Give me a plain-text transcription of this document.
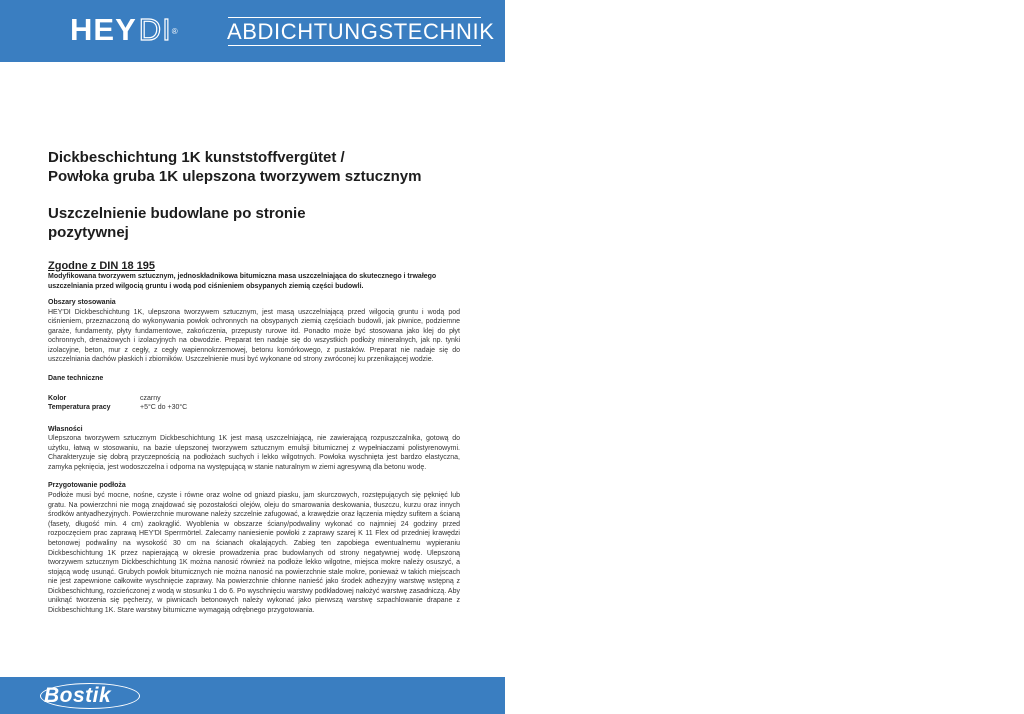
HEYDI® ABDICHTUNGSTECHNIK
Dickbeschichtung 1K kunststoffvergütet /
Powłoka gruba 1K ulepszona tworzywem sztucznym
Uszczelnienie budowlane po stronie
pozytywnej

Zgodne z DIN 18 195

Modyfikowana tworzywem sztucznym, jednoskładnikowa bitumiczna masa uszczelniająca do skutecznego i trwałego uszczelniania przed wilgocią gruntu i wodą pod ciśnieniem obsypanych ziemią części budowli.

Obszary stosowania

HEY'DI Dickbeschichtung 1K, ulepszona tworzywem sztucznym, jest masą uszczelniającą przed wilgocią gruntu i wodą pod ciśnieniem, przeznaczoną do wykonywania powłok ochronnych na obsypanych ziemią częściach budowli, jak piwnice, podziemne garaże, fundamenty, płyty fundamentowe, zakończenia, przepusty rurowe itd. Ponadto może być stosowana jako klej do płyt ochronnych, drenażowych i izolacyjnych na obwodzie. Preparat ten nadaje się do wszystkich podłoży mineralnych, jak np. tynki izolacyjne, beton, mur z cegły, z cegły wapiennokrzemowej, betonu komórkowego, z pustaków. Preparat nie nadaje się do uszczelniania dachów płaskich i zbiorników. Uszczelnienie musi być wykonane od strony zwróconej ku przenikającej wodzie.

Dane techniczne

Kolor	czarny
Temperatura pracy	+5°C do +30°C

Własności

Ulepszona tworzywem sztucznym Dickbeschichtung 1K jest masą uszczelniającą, nie zawierającą rozpuszczalnika, gotową do użytku, łatwą w stosowaniu, na bazie ulepszonej tworzywem sztucznym emulsji bitumicznej z wypełniaczami polistyrenowymi. Charakteryzuje się dobrą przyczepnością na podłożach suchych i lekko wilgotnych. Powłoka wyschnięta jest bardzo elastyczna, zamyka pęknięcia, jest wodoszczelna i odporna na występującą w stanie naturalnym w ziemi agresywną dla betonu wodę.

Przygotowanie podłoża

Podłoże musi być mocne, nośne, czyste i równe oraz wolne od gniazd piasku, jam skurczowych, rozstępujących się pęknięć lub gratu. Na powierzchni nie mogą znajdować się pozostałości olejów, oleju do smarowania deskowania, tłuszczu, kurzu oraz innych środków antyadhezyjnych. Powierzchnie murowane należy szczelnie zafugować, a krawędzie oraz łączenia między sufitem a ścianą (fasety, długość min. 4 cm) zaokrąglić. Wyoblenia w obszarze ściany/podwaliny wykonać co najmniej 24 godziny przed rozpoczęciem prac zaprawą HEY'DI Sperrmörtel. Zalecamy naniesienie powłoki z zaprawy szarej K 11 Flex od przedniej krawędzi betonowej podwaliny na wysokość 30 cm na ścianach okalających. Zabieg ten zapobiega ewentualnemu wypieraniu Dickbeschichtung 1K przez napierającą w okresie prowadzenia prac budowlanych od strony negatywnej wodę. Ulepszoną tworzywem sztucznym Dickbeschichtung 1K można nanosić również na podłoże lekko wilgotne, miejsca mokre należy osuszyć, a stojącą wodę usunąć. Grubych powłok bitumicznych nie można nanosić na powierzchnie stale mokre, ponieważ w takich miejscach nie jest zapewnione całkowite wyschnięcie zaprawy. Na powierzchnie chłonne nanieść jako środek adhezyjny warstwę wstępną z Dickbeschichtung, rozcieńczonej z wodą w stosunku 1 do 6. Po wyschnięciu warstwy podkładowej nałożyć warstwę zasadniczą. Aby uniknąć tworzenia się pęcherzy, w piwnicach betonowych należy wykonać jako pierwszą warstwę szpachlowanie drapane z Dickbeschichtung 1K. Stare warstwy bitumiczne wymagają odrębnego przygotowania.

Bostik
